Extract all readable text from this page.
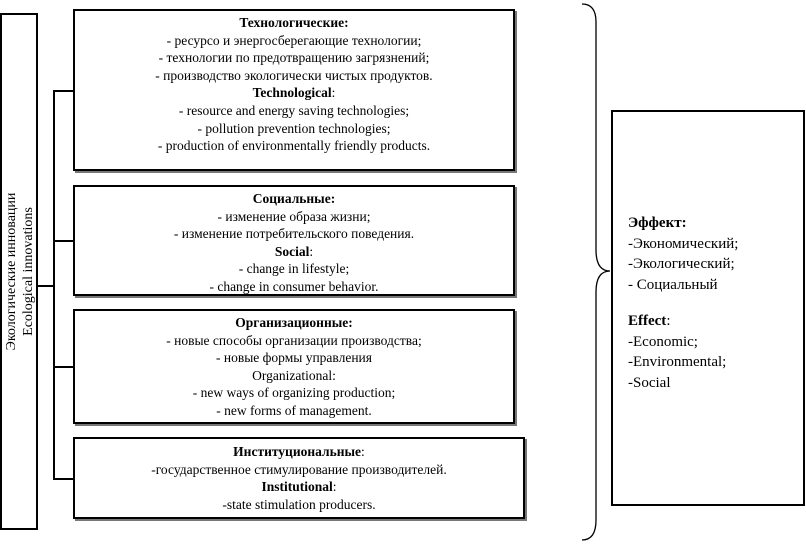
Экологические инновации Ecological innovations
Технологические:
- ресурсо и энергосберегающие технологии;
- технологии по предотвращению загрязнений;
- производство экологически чистых продуктов.
Technological:
- resource and energy saving technologies;
- pollution prevention technologies;
- production of environmentally friendly products.
Социальные:
- изменение образа жизни;
- изменение потребительского поведения.
Social:
- change in lifestyle;
- change in consumer behavior.
Организационные:
- новые способы организации производства;
- новые формы управления
Organizational:
- new ways of organizing production;
- new forms of management.
Институциональные:
-государственное стимулирование производителей.
Institutional:
-state stimulation producers.
Эффект:
-Экономический;
-Экологический;
- Социальный
Effect:
-Economic;
-Environmental;
-Social
